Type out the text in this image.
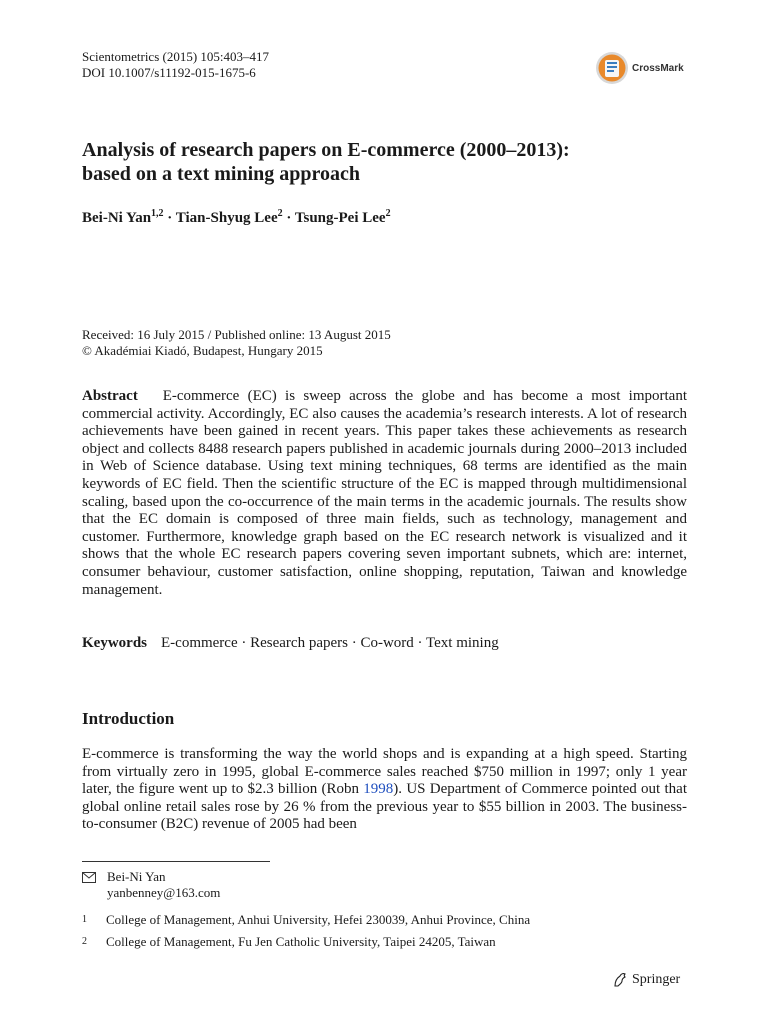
Scientometrics (2015) 105:403–417
DOI 10.1007/s11192-015-1675-6	CrossMark
Analysis of research papers on E-commerce (2000–2013):
based on a text mining approach
Bei-Ni Yan$^{1,2}$ · Tian-Shyug Lee$^2$ · Tsung-Pei Lee$^2$
Received: 16 July 2015 / Published online: 13 August 2015
© Akadémiai Kiadó, Budapest, Hungary 2015
Abstract E-commerce (EC) is sweep across the globe and has become a most important commercial activity. Accordingly, EC also causes the academia’s research interests. A lot of research achievements have been gained in recent years. This paper takes these achievements as research object and collects 8488 research papers published in academic journals during 2000–2013 included in Web of Science database. Using text mining techniques, 68 terms are identified as the main keywords of EC field. Then the scientific structure of the EC is mapped through multidimensional scaling, based upon the co-occurrence of the main terms in the academic journals. The results show that the EC domain is composed of three main fields, such as technology, management and customer. Furthermore, knowledge graph based on the EC research network is visualized and it shows that the whole EC research papers covering seven important subnets, which are: internet, consumer behaviour, customer satisfaction, online shopping, reputation, Taiwan and knowledge management.
Keywords E-commerce · Research papers · Co-word · Text mining
Introduction
E-commerce is transforming the way the world shops and is expanding at a high speed. Starting from virtually zero in 1995, global E-commerce sales reached $750 million in 1997; only 1 year later, the figure went up to $2.3 billion (Robn 1998). US Department of Commerce pointed out that global online retail sales rose by 26 % from the previous year to $55 billion in 2003. The business-to-consumer (B2C) revenue of 2005 had been
Bei-Ni Yan
yanbenney@163.com
1	College of Management, Anhui University, Hefei 230039, Anhui Province, China
2	College of Management, Fu Jen Catholic University, Taipei 24205, Taiwan
Springer
